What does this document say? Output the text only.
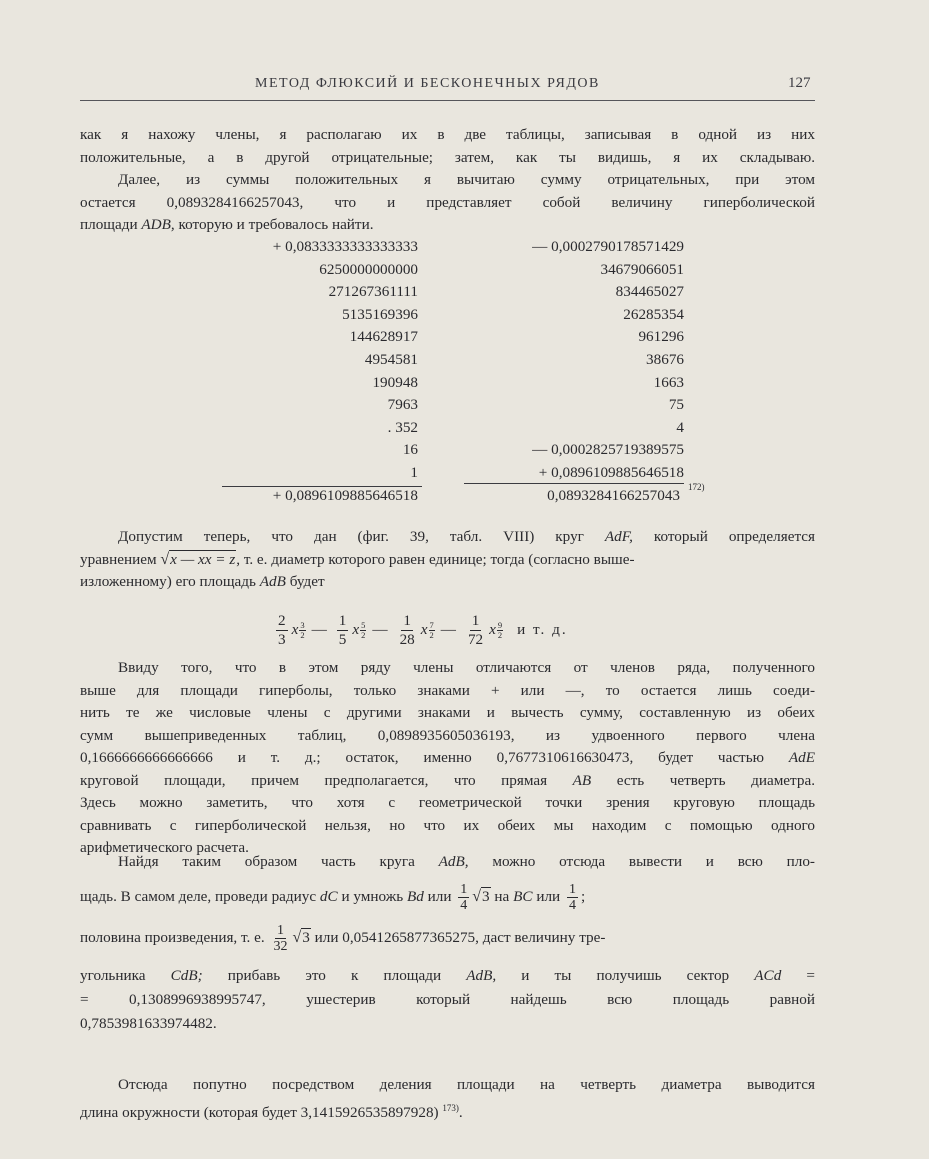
МЕТОД ФЛЮКСИЙ И БЕСКОНЕЧНЫХ РЯДОВ	127
как я нахожу члены, я располагаю их в две таблицы, записывая в одной из них
положительные, а в другой отрицательные; затем, как ты видишь, я их складываю.
Далее, из суммы положительных я вычитаю сумму отрицательных, при этом
остается 0,0893284166257043, что и представляет собой величину гиперболической
площади ADB, которую и требовалось найти.
+ 0,0833333333333333
6250000000000
271267361111
5135169396
144628917
4954581
190948
7963
. 352
16
1
— 0,0002790178571429
34679066051
834465027
26285354
961296
38676
1663
75
4
— 0,0002825719389575
+ 0,0896109885646518
+ 0,0896109885646518	0,0893284166257043 172)
Допустим теперь, что дан (фиг. 39, табл. VIII) круг AdF, который определяется
уравнением √x — xx = z, т. е. диаметр которого равен единице; тогда (согласно выше-
изложенному) его площадь AdB будет
$\frac{2}{3}$ x $\frac{3}{2}$ — $\frac{1}{5}$ x $\frac{5}{2}$ — $\frac{1}{28}$ x $\frac{7}{2}$ — $\frac{1}{72}$ x $\frac{9}{2}$ и т. д.
Ввиду того, что в этом ряду члены отличаются от членов ряда, полученного
выше для площади гиперболы, только знаками + или —, то остается лишь соеди-
нить те же числовые члены с другими знаками и вычесть сумму, составленную из обеих
сумм вышеприведенных таблиц, 0,0898935605036193, из удвоенного первого члена
0,1666666666666666 и т. д.; остаток, именно 0,7677310616630473, будет частью AdE
круговой площади, причем предполагается, что прямая AB есть четверть диаметра.
Здесь можно заметить, что хотя с геометрической точки зрения круговую площадь
сравнивать с гиперболической нельзя, но что их обеих мы находим с помощью одного
арифметического расчета.
Найдя таким образом часть круга AdB, можно отсюда вывести и всю пло-
щадь. В самом деле, проведи радиус dC и умножь Bd или $\frac{1}{4} √3$ на BC или $\frac{1}{4}$ ;
половина произведения, т. е. $\frac{1}{32} √3$ или 0,0541265877365275, даст величину тре-
угольника CdB; прибавь это к площади AdB, и ты получишь сектор ACd =
= 0,1308996938995747, ушестерив который найдешь всю площадь равной
0,7853981633974482.
Отсюда попутно посредством деления площади на четверть диаметра выводится
длина окружности (которая будет 3,1415926535897928) $^{173)}$.
